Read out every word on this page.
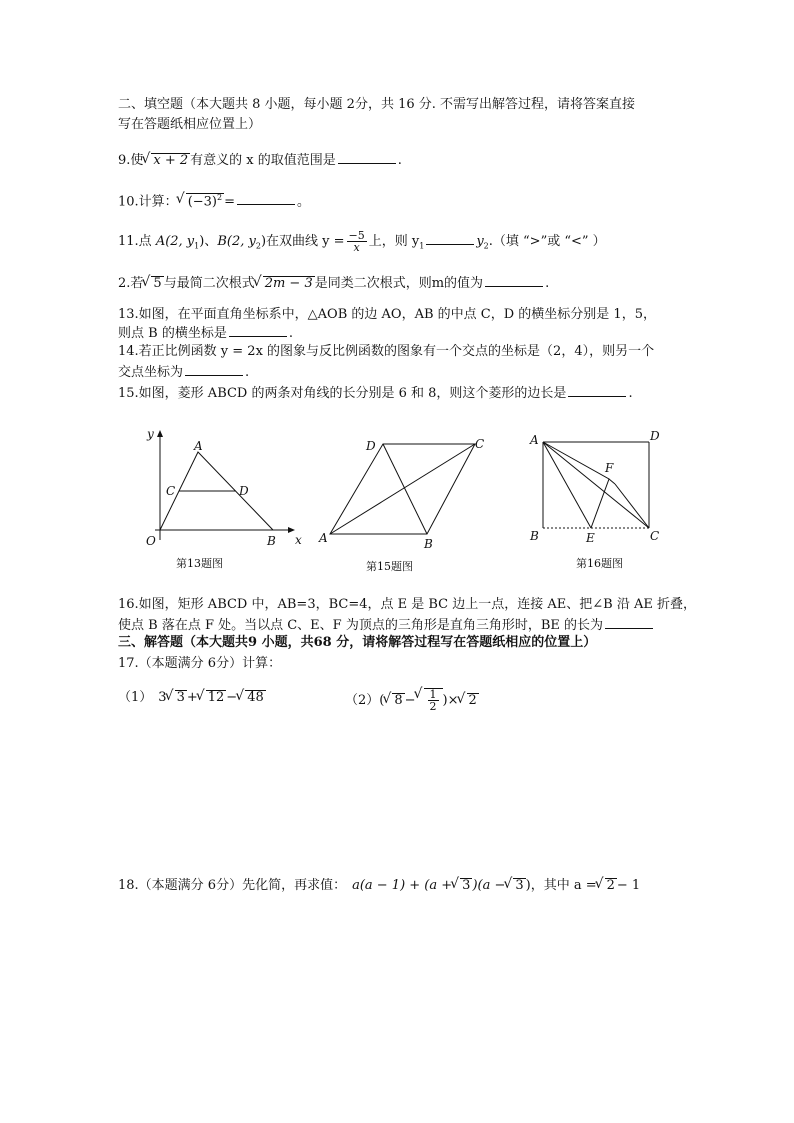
二、填空题（本大题共 8 小题，每小题 2分，共 16 分. 不需写出解答过程，请将答案直接
写在答题纸相应位置上）
9.使 √ x + 2 有意义的 x 的取值范围是	.
10.计算： √ $(-3)^2$ =	。
11.点 A(2, $y_1$)、B(2, $y_2$)在双曲线 $y = \frac{-5}{x}$ 上，则 $y_1$	$y_2$.（填 “>”或 “<” ）
2.若 √ 5 与最简二次根式 √ 2m − 3 是同类二次根式，则m的值为	.
13.如图，在平面直角坐标系中，△AOB 的边 AO，AB 的中点 C，D 的横坐标分别是 1，5，
则点 B 的横坐标是	.
14.若正比例函数 y = 2x 的图象与反比例函数的图象有一个交点的坐标是（2，4），则另一个
交点坐标为	.
15.如图，菱形 ABCD 的两条对角线的长分别是 6 和 8，则这个菱形的边长是	.
y
x
O
A
B
C	D
第13题图
A	B
C
D
第15题图
A	D
F
B	E	C
第16题图
16.如图，矩形 ABCD 中，AB=3，BC=4，点 E 是 BC 边上一点，连接 AE、把∠B 沿 AE 折叠，
使点 B 落在点 F 处。当以点 C、E、F 为顶点的三角形是直角三角形时，BE 的长为
三、解答题（本大题共9 小题，共68 分，请将解答过程写在答题纸相应的位置上）
17.（本题满分 6分）计算：
（1） 3 √ 3 + √ 12 − √ 48	（2）( √ 8 − √ $\frac{1}{2}$ )× √ 2
18.（本题满分 6分）先化简，再求值： a(a − 1) + (a + √ 3 )(a − √ 3 )，其中 a = √ 2 − 1
